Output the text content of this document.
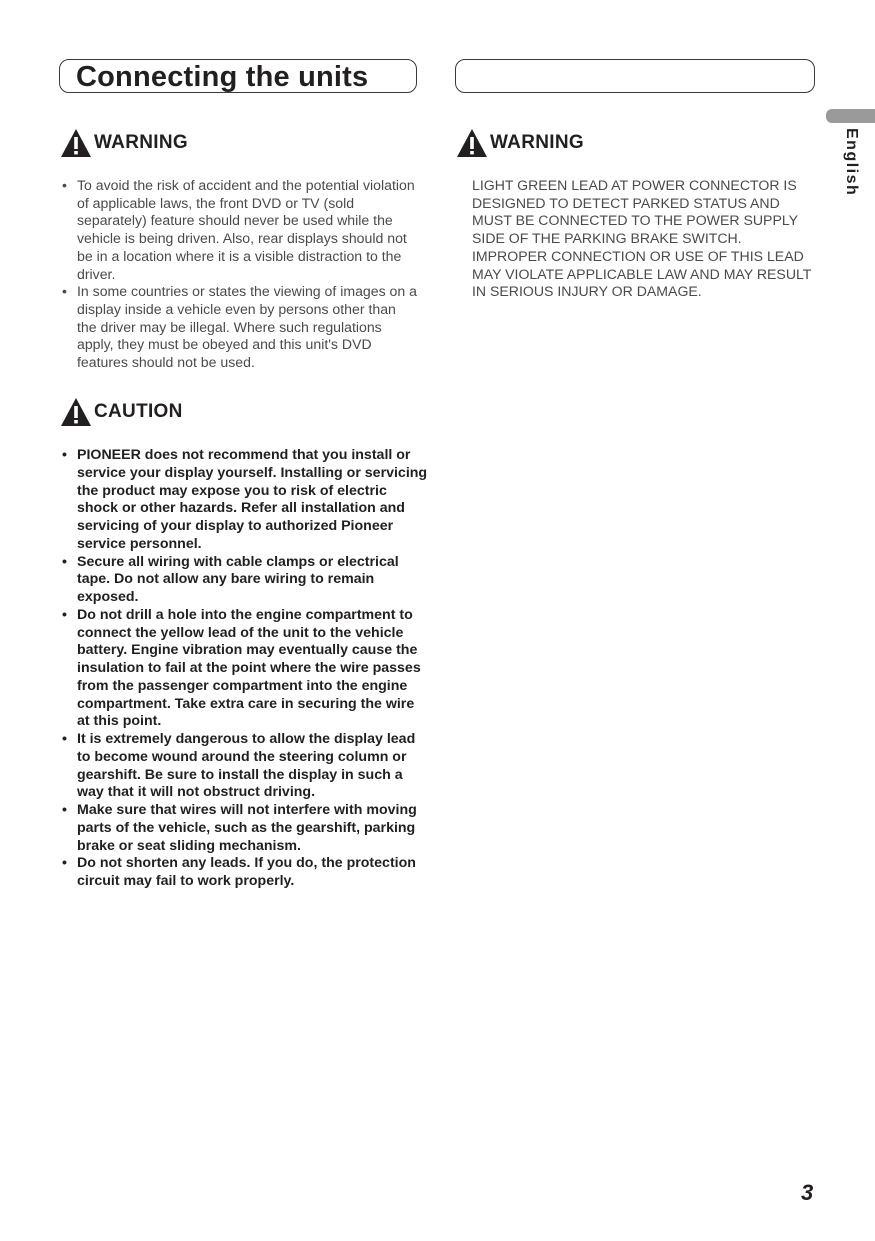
Connecting the units
English
WARNING
• To avoid the risk of accident and the potential violation of applicable laws, the front DVD or TV (sold separately) feature should never be used while the vehicle is being driven. Also, rear displays should not be in a location where it is a visible distraction to the driver.
• In some countries or states the viewing of images on a display inside a vehicle even by persons other than the driver may be illegal. Where such regulations apply, they must be obeyed and this unit's DVD features should not be used.
CAUTION
• PIONEER does not recommend that you install or service your display yourself. Installing or servicing the product may expose you to risk of electric shock or other hazards. Refer all installation and servicing of your display to authorized Pioneer service personnel.
• Secure all wiring with cable clamps or electrical tape. Do not allow any bare wiring to remain exposed.
• Do not drill a hole into the engine compartment to connect the yellow lead of the unit to the vehicle battery. Engine vibration may eventually cause the insulation to fail at the point where the wire passes from the passenger compartment into the engine compartment. Take extra care in securing the wire at this point.
• It is extremely dangerous to allow the display lead to become wound around the steering column or gearshift. Be sure to install the display in such a way that it will not obstruct driving.
• Make sure that wires will not interfere with moving parts of the vehicle, such as the gearshift, parking brake or seat sliding mechanism.
• Do not shorten any leads. If you do, the protection circuit may fail to work properly.
WARNING

LIGHT GREEN LEAD AT POWER CONNECTOR IS DESIGNED TO DETECT PARKED STATUS AND MUST BE CONNECTED TO THE POWER SUPPLY SIDE OF THE PARKING BRAKE SWITCH. IMPROPER CONNECTION OR USE OF THIS LEAD MAY VIOLATE APPLICABLE LAW AND MAY RESULT IN SERIOUS INJURY OR DAMAGE.

3
